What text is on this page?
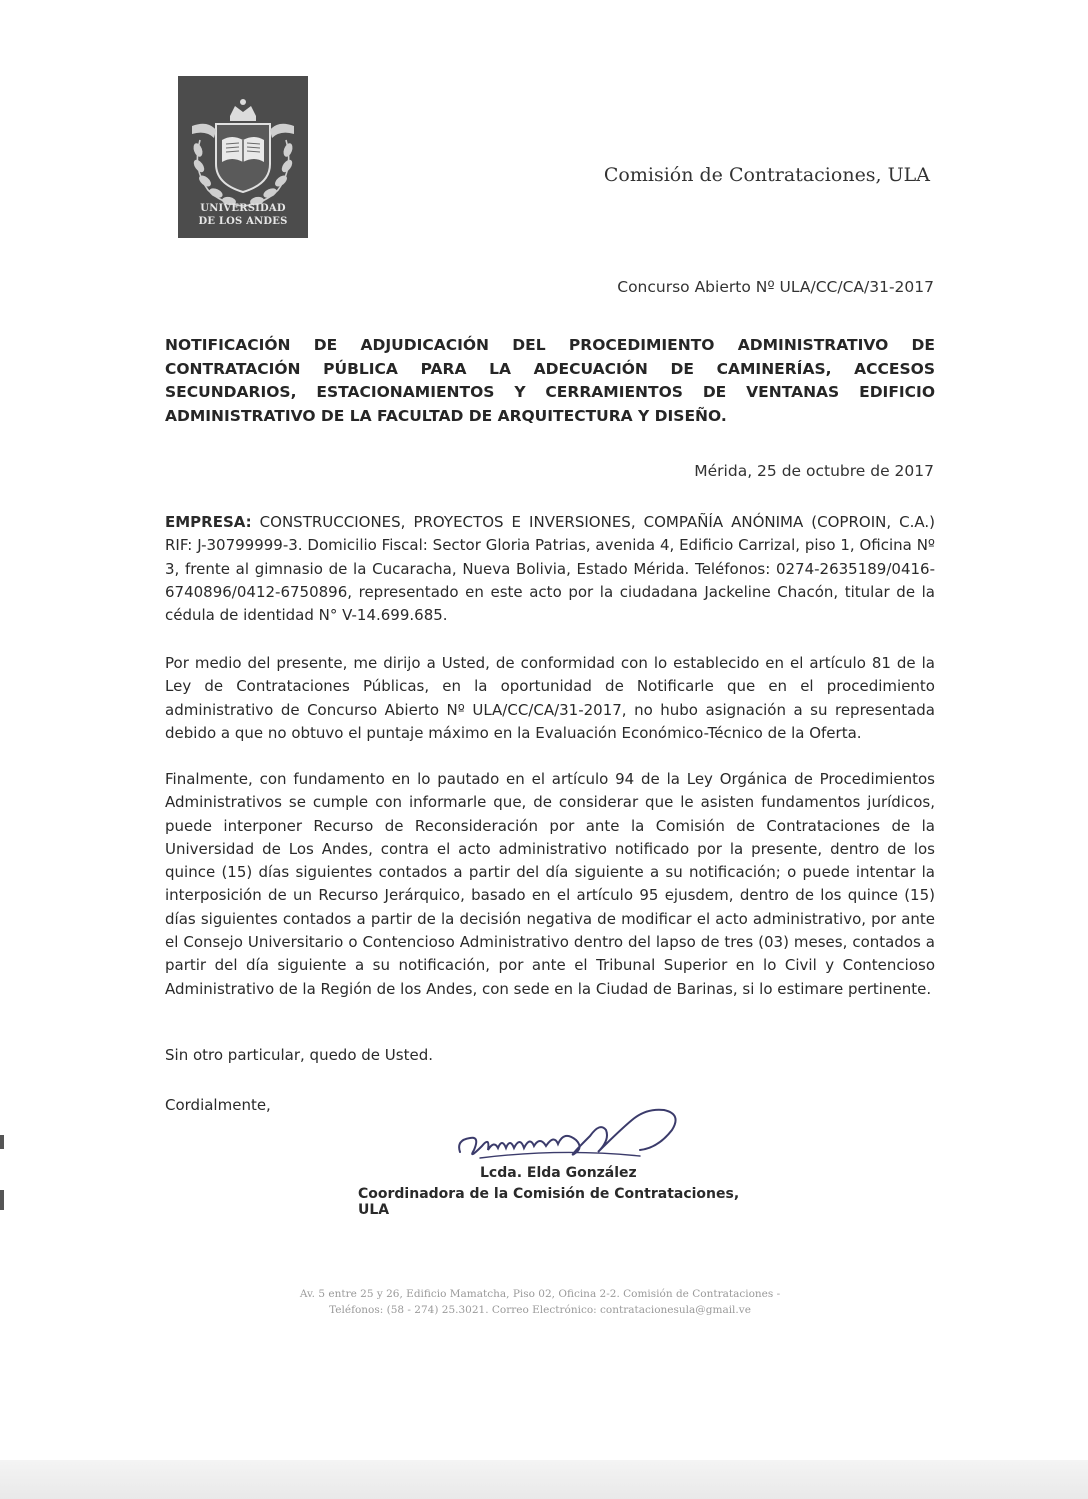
UNIVERSIDAD
DE LOS ANDES
Comisión de Contrataciones, ULA
Concurso Abierto Nº ULA/CC/CA/31-2017
NOTIFICACIÓN DE ADJUDICACIÓN DEL PROCEDIMIENTO ADMINISTRATIVO DE CONTRATACIÓN PÚBLICA PARA LA ADECUACIÓN DE CAMINERÍAS, ACCESOS SECUNDARIOS, ESTACIONAMIENTOS Y CERRAMIENTOS DE VENTANAS EDIFICIO ADMINISTRATIVO DE LA FACULTAD DE ARQUITECTURA Y DISEÑO.
Mérida, 25 de octubre de 2017
EMPRESA: CONSTRUCCIONES, PROYECTOS E INVERSIONES, COMPAÑÍA ANÓNIMA (COPROIN, C.A.) RIF: J-30799999-3. Domicilio Fiscal: Sector Gloria Patrias, avenida 4, Edificio Carrizal, piso 1, Oficina Nº 3, frente al gimnasio de la Cucaracha, Nueva Bolivia, Estado Mérida. Teléfonos: 0274-2635189/0416-6740896/0412-6750896, representado en este acto por la ciudadana Jackeline Chacón, titular de la cédula de identidad N° V-14.699.685.
Por medio del presente, me dirijo a Usted, de conformidad con lo establecido en el artículo 81 de la Ley de Contrataciones Públicas, en la oportunidad de Notificarle que en el procedimiento administrativo de Concurso Abierto Nº ULA/CC/CA/31-2017, no hubo asignación a su representada debido a que no obtuvo el puntaje máximo en la Evaluación Económico-Técnico de la Oferta.
Finalmente, con fundamento en lo pautado en el artículo 94 de la Ley Orgánica de Procedimientos Administrativos se cumple con informarle que, de considerar que le asisten fundamentos jurídicos, puede interponer Recurso de Reconsideración por ante la Comisión de Contrataciones de la Universidad de Los Andes, contra el acto administrativo notificado por la presente, dentro de los quince (15) días siguientes contados a partir del día siguiente a su notificación; o puede intentar la interposición de un Recurso Jerárquico, basado en el artículo 95 ejusdem, dentro de los quince (15) días siguientes contados a partir de la decisión negativa de modificar el acto administrativo, por ante el Consejo Universitario o Contencioso Administrativo dentro del lapso de tres (03) meses, contados a partir del día siguiente a su notificación, por ante el Tribunal Superior en lo Civil y Contencioso Administrativo de la Región de los Andes, con sede en la Ciudad de Barinas, si lo estimare pertinente.
Sin otro particular, quedo de Usted.
Cordialmente,
Lcda. Elda González
Coordinadora de la Comisión de Contrataciones, ULA
Av. 5 entre 25 y 26, Edificio Mamatcha, Piso 02, Oficina 2-2. Comisión de Contrataciones -
Teléfonos: (58 - 274) 25.3021. Correo Electrónico: contratacionesula@gmail.ve
